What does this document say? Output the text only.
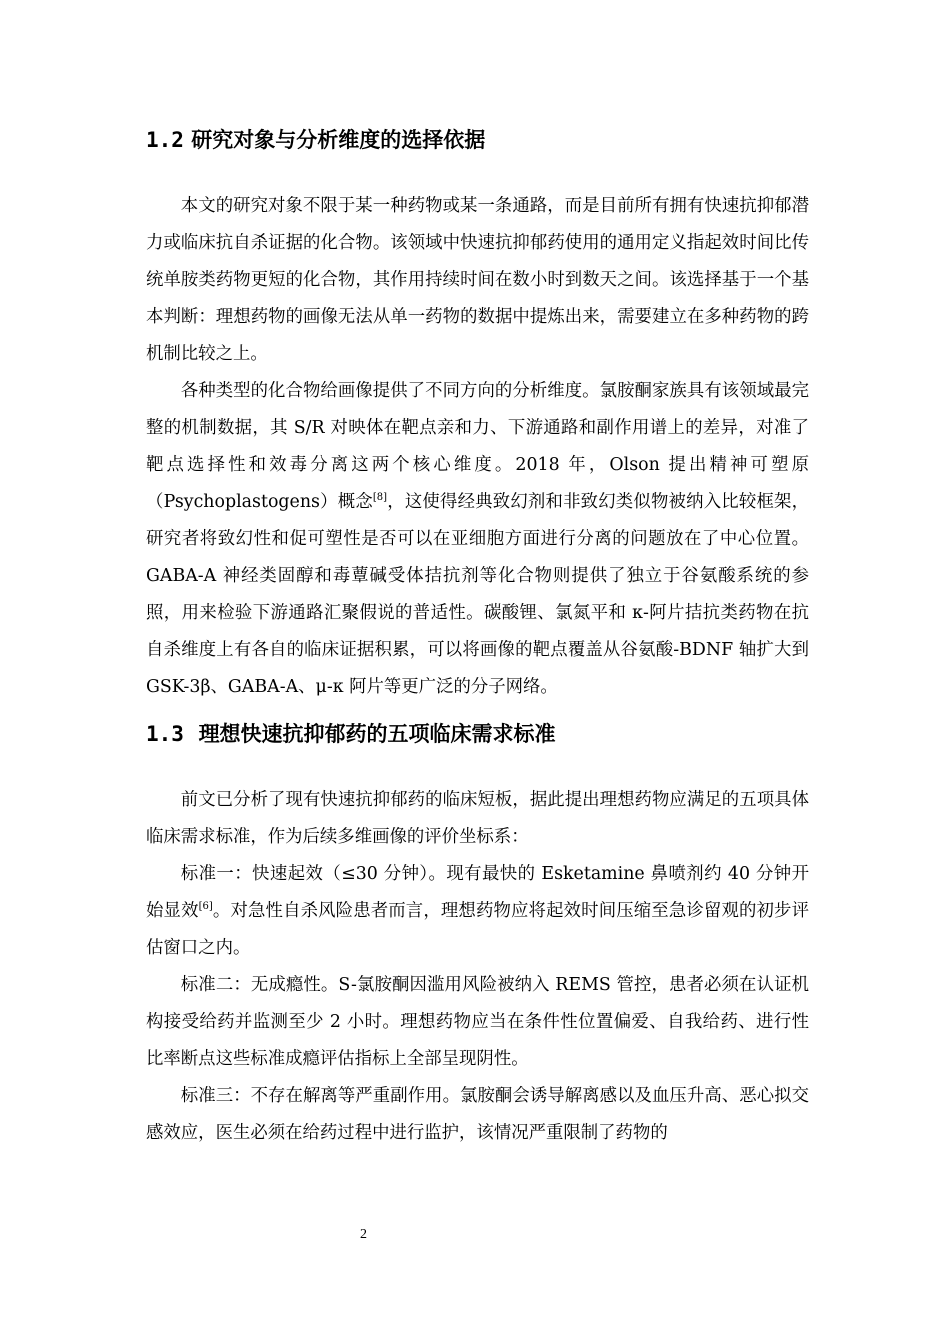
1.2 研究对象与分析维度的选择依据

本文的研究对象不限于某一种药物或某一条通路，而是目前所有拥有快速抗抑郁潜力或临床抗自杀证据的化合物。该领域中快速抗抑郁药使用的通用定义指起效时间比传统单胺类药物更短的化合物，其作用持续时间在数小时到数天之间。该选择基于一个基本判断：理想药物的画像无法从单一药物的数据中提炼出来，需要建立在多种药物的跨机制比较之上。

各种类型的化合物给画像提供了不同方向的分析维度。氯胺酮家族具有该领域最完整的机制数据，其 S/R 对映体在靶点亲和力、下游通路和副作用谱上的差异，对准了靶点选择性和效毒分离这两个核心维度。2018 年，Olson 提出精神可塑原（Psychoplastogens）概念[8]，这使得经典致幻剂和非致幻类似物被纳入比较框架，研究者将致幻性和促可塑性是否可以在亚细胞方面进行分离的问题放在了中心位置。GABA-A 神经类固醇和毒蕈碱受体拮抗剂等化合物则提供了独立于谷氨酸系统的参照，用来检验下游通路汇聚假说的普适性。碳酸锂、氯氮平和 κ-阿片拮抗类药物在抗自杀维度上有各自的临床证据积累，可以将画像的靶点覆盖从谷氨酸-BDNF 轴扩大到 GSK-3β、GABA-A、μ-κ 阿片等更广泛的分子网络。

1.3 理想快速抗抑郁药的五项临床需求标准

前文已分析了现有快速抗抑郁药的临床短板，据此提出理想药物应满足的五项具体临床需求标准，作为后续多维画像的评价坐标系：

标准一：快速起效（≤30 分钟）。现有最快的 Esketamine 鼻喷剂约 40 分钟开始显效[6]。对急性自杀风险患者而言，理想药物应将起效时间压缩至急诊留观的初步评估窗口之内。

标准二：无成瘾性。S-氯胺酮因滥用风险被纳入 REMS 管控，患者必须在认证机构接受给药并监测至少 2 小时。理想药物应当在条件性位置偏爱、自我给药、进行性比率断点这些标准成瘾评估指标上全部呈现阴性。

标准三：不存在解离等严重副作用。氯胺酮会诱导解离感以及血压升高、恶心拟交感效应，医生必须在给药过程中进行监护，该情况严重限制了药物的

2
